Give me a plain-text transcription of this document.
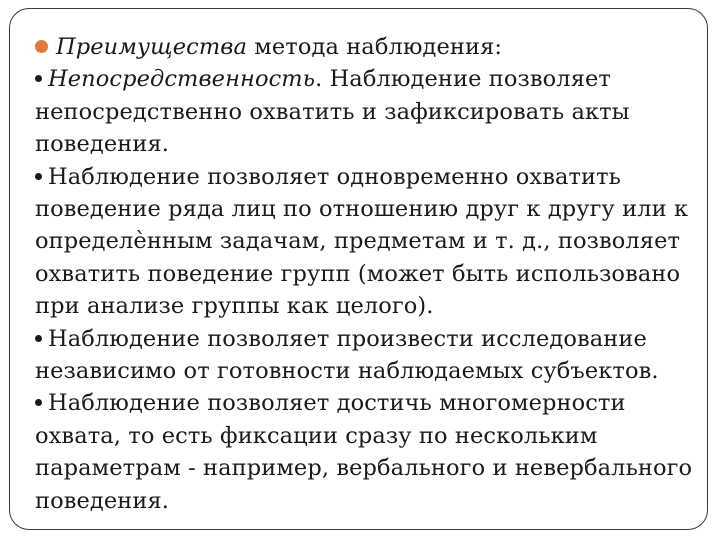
Преимущества метода наблюдения:

Непосредственность. Наблюдение позволяет непосредственно охватить и зафиксировать акты поведения.

Наблюдение позволяет одновременно охватить поведение ряда лиц по отношению друг к другу или к определѐнным задачам, предметам и т. д., позволяет охватить поведение групп (может быть использовано при анализе группы как целого).

Наблюдение позволяет произвести исследование независимо от готовности наблюдаемых субъектов.

Наблюдение позволяет достичь многомерности охвата, то есть фиксации сразу по нескольким параметрам - например, вербального и невербального поведения.
